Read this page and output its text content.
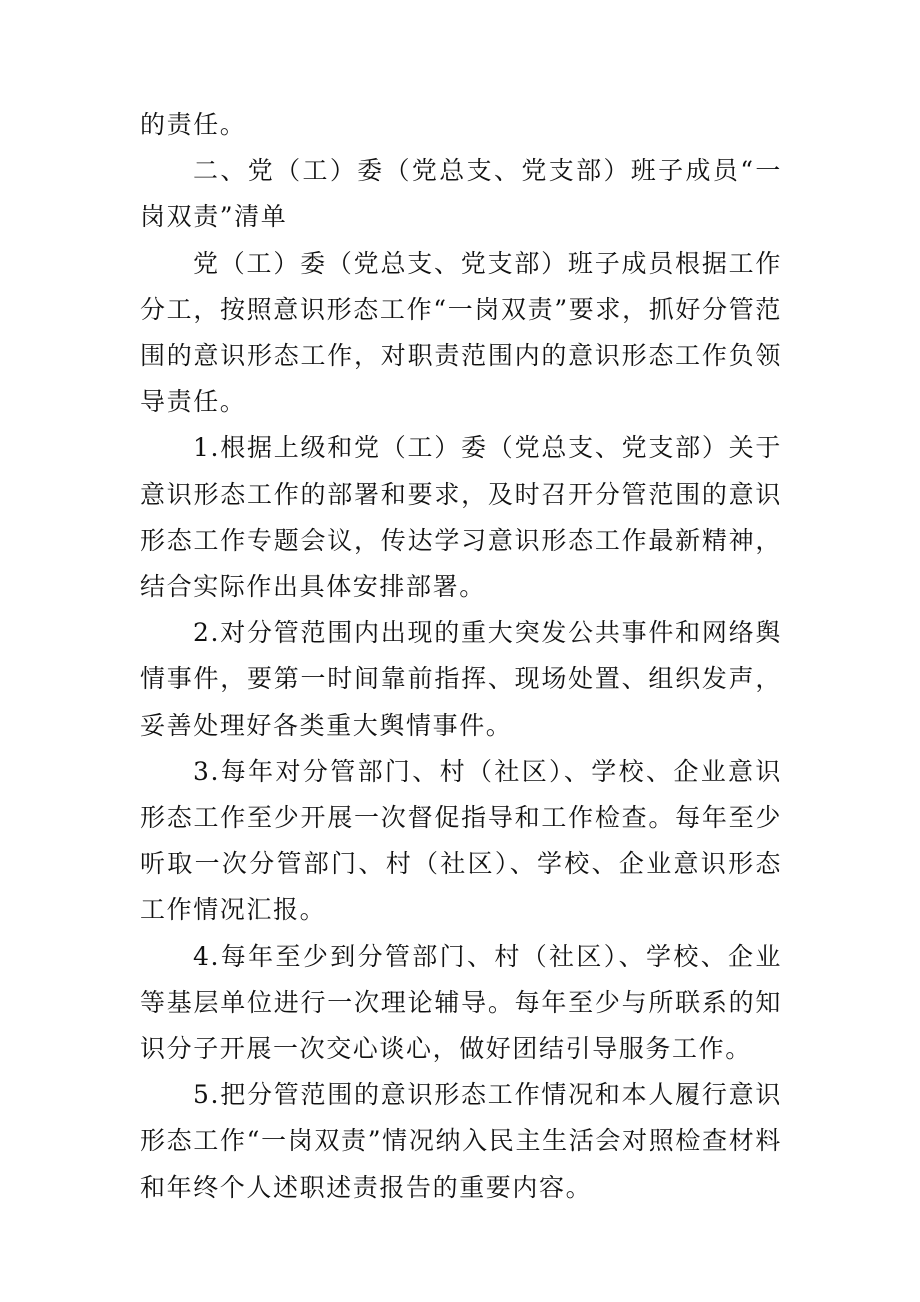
的责任。

二、党（工）委（党总支、党支部）班子成员“一岗双责”清单

党（工）委（党总支、党支部）班子成员根据工作分工，按照意识形态工作“一岗双责”要求，抓好分管范围的意识形态工作，对职责范围内的意识形态工作负领导责任。

1.根据上级和党（工）委（党总支、党支部）关于意识形态工作的部署和要求，及时召开分管范围的意识形态工作专题会议，传达学习意识形态工作最新精神，结合实际作出具体安排部署。

2.对分管范围内出现的重大突发公共事件和网络舆情事件，要第一时间靠前指挥、现场处置、组织发声，妥善处理好各类重大舆情事件。

3.每年对分管部门、村（社区）、学校、企业意识形态工作至少开展一次督促指导和工作检查。每年至少听取一次分管部门、村（社区）、学校、企业意识形态工作情况汇报。

4.每年至少到分管部门、村（社区）、学校、企业等基层单位进行一次理论辅导。每年至少与所联系的知识分子开展一次交心谈心，做好团结引导服务工作。

5.把分管范围的意识形态工作情况和本人履行意识形态工作“一岗双责”情况纳入民主生活会对照检查材料和年终个人述职述责报告的重要内容。
